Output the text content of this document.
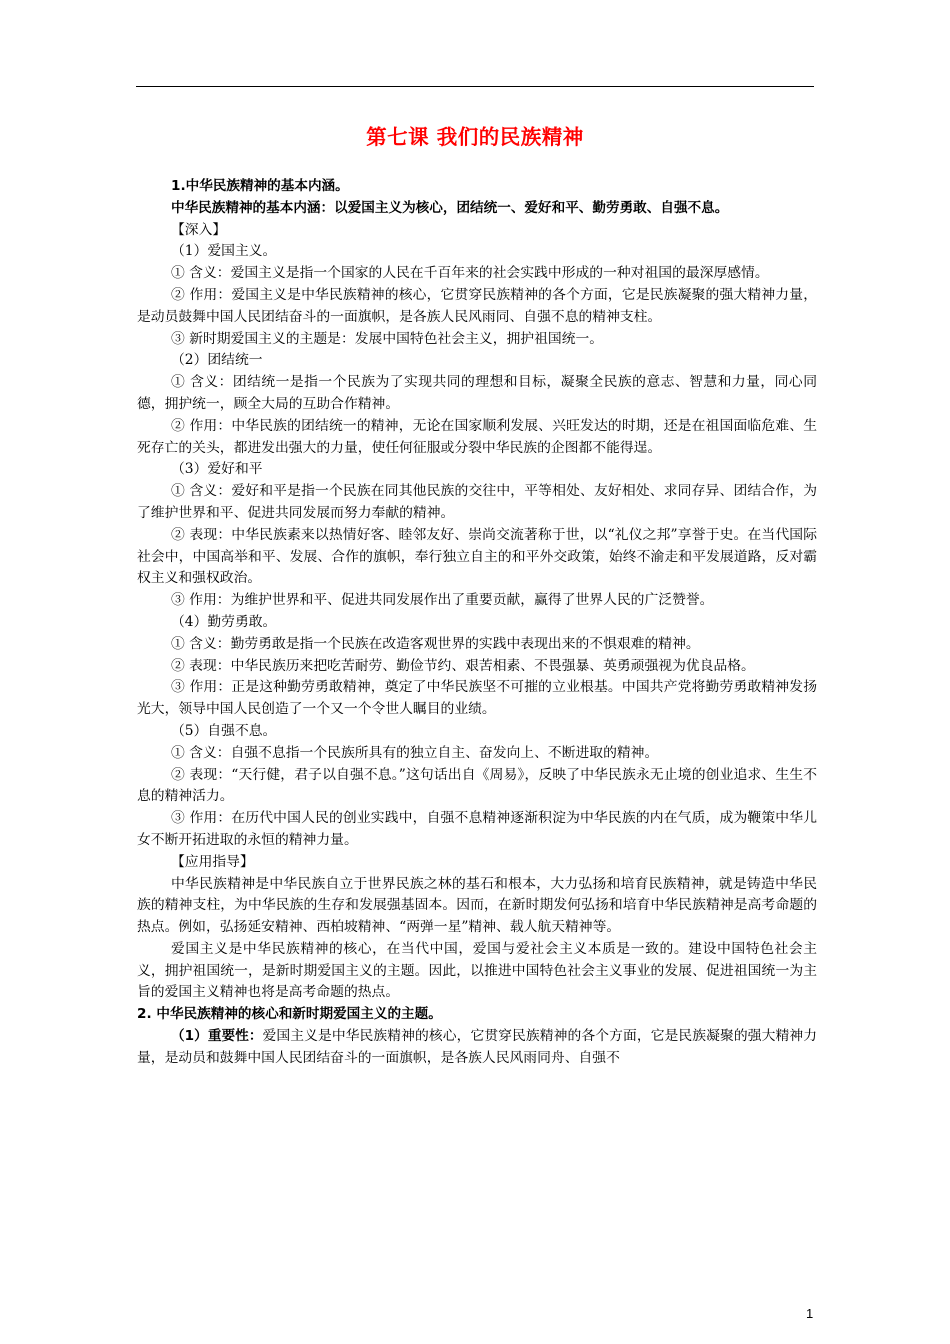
第七课 我们的民族精神

1.中华民族精神的基本内涵。

中华民族精神的基本内涵：以爱国主义为核心，团结统一、爱好和平、勤劳勇敢、自强不息。

【深入】

（1）爱国主义。

① 含义：爱国主义是指一个国家的人民在千百年来的社会实践中形成的一种对祖国的最深厚感情。

② 作用：爱国主义是中华民族精神的核心，它贯穿民族精神的各个方面，它是民族凝聚的强大精神力量，是动员鼓舞中国人民团结奋斗的一面旗帜，是各族人民风雨同、自强不息的精神支柱。

③ 新时期爱国主义的主题是：发展中国特色社会主义，拥护祖国统一。

（2）团结统一

① 含义：团结统一是指一个民族为了实现共同的理想和目标，凝聚全民族的意志、智慧和力量，同心同德，拥护统一，顾全大局的互助合作精神。

② 作用：中华民族的团结统一的精神，无论在国家顺利发展、兴旺发达的时期，还是在祖国面临危难、生死存亡的关头，都进发出强大的力量，使任何征服或分裂中华民族的企图都不能得逞。

（3）爱好和平

① 含义：爱好和平是指一个民族在同其他民族的交往中，平等相处、友好相处、求同存异、团结合作，为了维护世界和平、促进共同发展而努力奉献的精神。

② 表现：中华民族素来以热情好客、睦邻友好、崇尚交流著称于世，以“礼仪之邦”享誉于史。在当代国际社会中，中国高举和平、发展、合作的旗帜，奉行独立自主的和平外交政策，始终不渝走和平发展道路，反对霸权主义和强权政治。

③ 作用：为维护世界和平、促进共同发展作出了重要贡献，赢得了世界人民的广泛赞誉。

（4）勤劳勇敢。

① 含义：勤劳勇敢是指一个民族在改造客观世界的实践中表现出来的不惧艰难的精神。

② 表现：中华民族历来把吃苦耐劳、勤俭节约、艰苦相素、不畏强暴、英勇顽强视为优良品格。

③ 作用：正是这种勤劳勇敢精神，奠定了中华民族坚不可摧的立业根基。中国共产党将勤劳勇敢精神发扬光大，领导中国人民创造了一个又一个令世人瞩目的业绩。

（5）自强不息。

① 含义：自强不息指一个民族所具有的独立自主、奋发向上、不断进取的精神。

② 表现：“天行健，君子以自强不息。”这句话出自《周易》，反映了中华民族永无止境的创业追求、生生不息的精神活力。

③ 作用：在历代中国人民的创业实践中，自强不息精神逐渐积淀为中华民族的内在气质，成为鞭策中华儿女不断开拓进取的永恒的精神力量。

【应用指导】

中华民族精神是中华民族自立于世界民族之林的基石和根本，大力弘扬和培育民族精神，就是铸造中华民族的精神支柱，为中华民族的生存和发展强基固本。因而，在新时期发何弘扬和培育中华民族精神是高考命题的热点。例如，弘扬延安精神、西柏坡精神、“两弹一星”精神、载人航天精神等。

爱国主义是中华民族精神的核心，在当代中国，爱国与爱社会主义本质是一致的。建设中国特色社会主义，拥护祖国统一，是新时期爱国主义的主题。因此，以推进中国特色社会主义事业的发展、促进祖国统一为主旨的爱国主义精神也将是高考命题的热点。

2. 中华民族精神的核心和新时期爱国主义的主题。

（1）重要性：爱国主义是中华民族精神的核心，它贯穿民族精神的各个方面，它是民族凝聚的强大精神力量，是动员和鼓舞中国人民团结奋斗的一面旗帜，是各族人民风雨同舟、自强不

1
